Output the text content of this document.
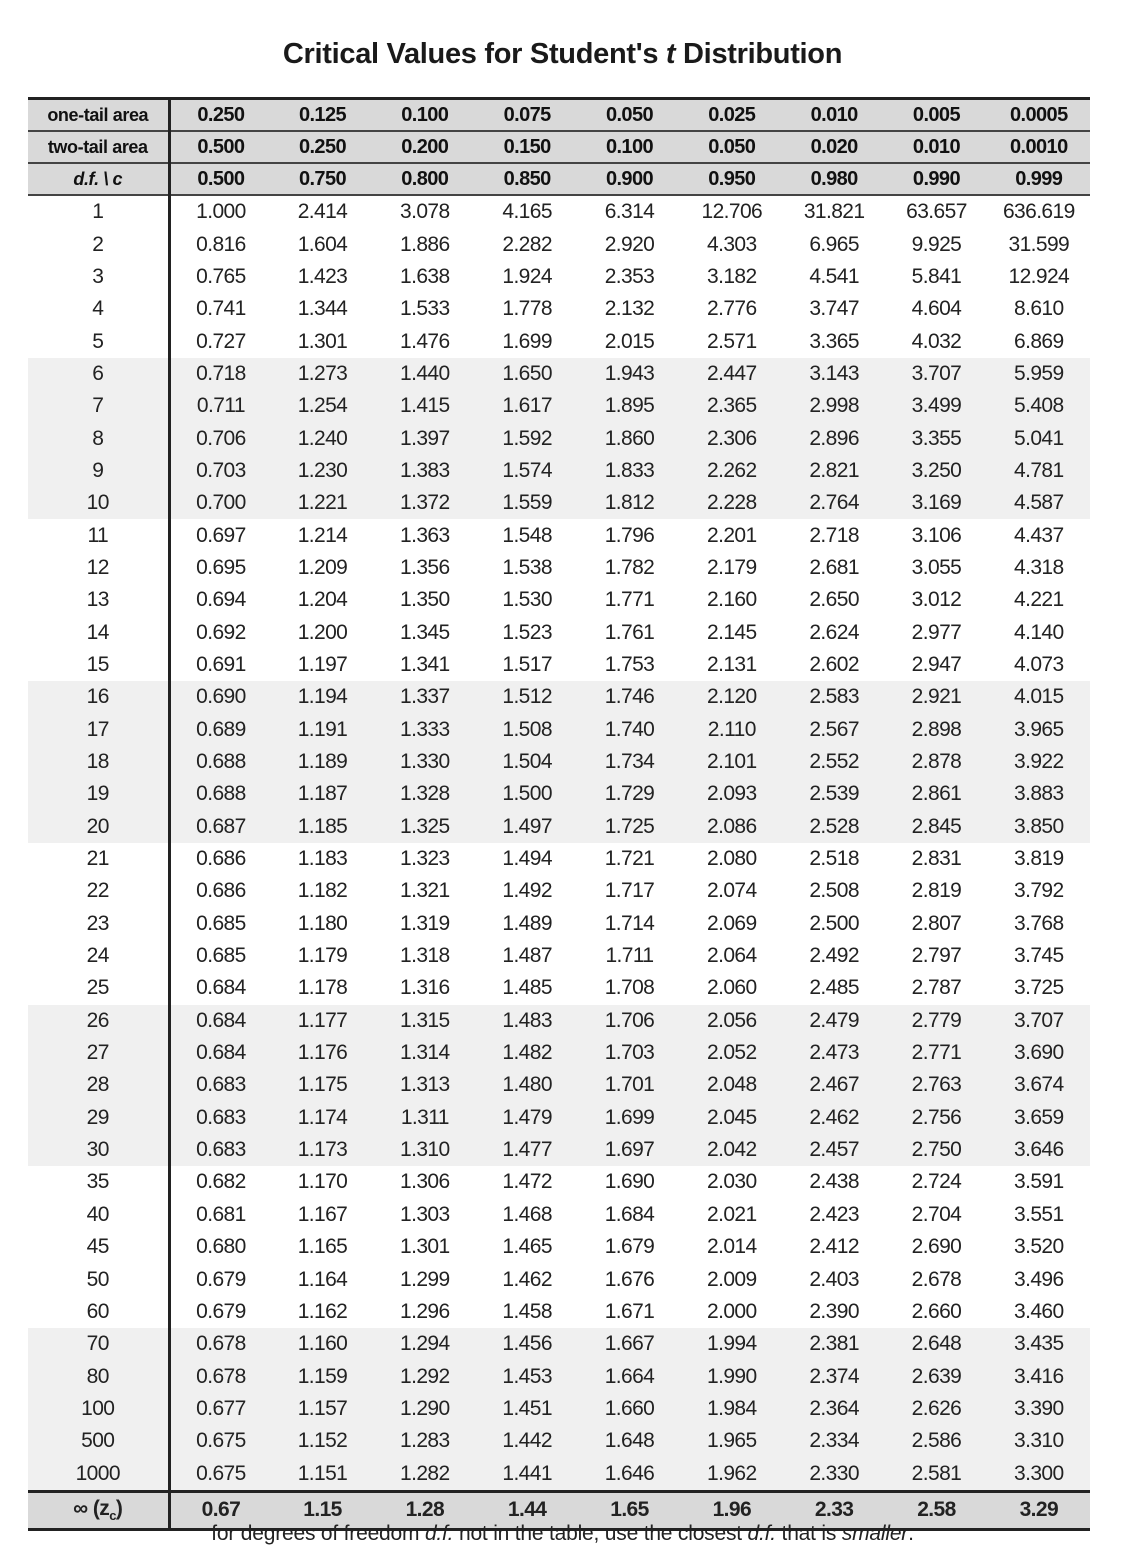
Critical Values for Student's t Distribution
one-tail area	0.250	0.125	0.100	0.075	0.050	0.025	0.010	0.005	0.0005
two-tail area	0.500	0.250	0.200	0.150	0.100	0.050	0.020	0.010	0.0010
d.f. \ c	0.500	0.750	0.800	0.850	0.900	0.950	0.980	0.990	0.999
1	1.000	2.414	3.078	4.165	6.314	12.706	31.821	63.657	636.619
2	0.816	1.604	1.886	2.282	2.920	4.303	6.965	9.925	31.599
3	0.765	1.423	1.638	1.924	2.353	3.182	4.541	5.841	12.924
4	0.741	1.344	1.533	1.778	2.132	2.776	3.747	4.604	8.610
5	0.727	1.301	1.476	1.699	2.015	2.571	3.365	4.032	6.869
6	0.718	1.273	1.440	1.650	1.943	2.447	3.143	3.707	5.959
7	0.711	1.254	1.415	1.617	1.895	2.365	2.998	3.499	5.408
8	0.706	1.240	1.397	1.592	1.860	2.306	2.896	3.355	5.041
9	0.703	1.230	1.383	1.574	1.833	2.262	2.821	3.250	4.781
10	0.700	1.221	1.372	1.559	1.812	2.228	2.764	3.169	4.587
11	0.697	1.214	1.363	1.548	1.796	2.201	2.718	3.106	4.437
12	0.695	1.209	1.356	1.538	1.782	2.179	2.681	3.055	4.318
13	0.694	1.204	1.350	1.530	1.771	2.160	2.650	3.012	4.221
14	0.692	1.200	1.345	1.523	1.761	2.145	2.624	2.977	4.140
15	0.691	1.197	1.341	1.517	1.753	2.131	2.602	2.947	4.073
16	0.690	1.194	1.337	1.512	1.746	2.120	2.583	2.921	4.015
17	0.689	1.191	1.333	1.508	1.740	2.110	2.567	2.898	3.965
18	0.688	1.189	1.330	1.504	1.734	2.101	2.552	2.878	3.922
19	0.688	1.187	1.328	1.500	1.729	2.093	2.539	2.861	3.883
20	0.687	1.185	1.325	1.497	1.725	2.086	2.528	2.845	3.850
21	0.686	1.183	1.323	1.494	1.721	2.080	2.518	2.831	3.819
22	0.686	1.182	1.321	1.492	1.717	2.074	2.508	2.819	3.792
23	0.685	1.180	1.319	1.489	1.714	2.069	2.500	2.807	3.768
24	0.685	1.179	1.318	1.487	1.711	2.064	2.492	2.797	3.745
25	0.684	1.178	1.316	1.485	1.708	2.060	2.485	2.787	3.725
26	0.684	1.177	1.315	1.483	1.706	2.056	2.479	2.779	3.707
27	0.684	1.176	1.314	1.482	1.703	2.052	2.473	2.771	3.690
28	0.683	1.175	1.313	1.480	1.701	2.048	2.467	2.763	3.674
29	0.683	1.174	1.311	1.479	1.699	2.045	2.462	2.756	3.659
30	0.683	1.173	1.310	1.477	1.697	2.042	2.457	2.750	3.646
35	0.682	1.170	1.306	1.472	1.690	2.030	2.438	2.724	3.591
40	0.681	1.167	1.303	1.468	1.684	2.021	2.423	2.704	3.551
45	0.680	1.165	1.301	1.465	1.679	2.014	2.412	2.690	3.520
50	0.679	1.164	1.299	1.462	1.676	2.009	2.403	2.678	3.496
60	0.679	1.162	1.296	1.458	1.671	2.000	2.390	2.660	3.460
70	0.678	1.160	1.294	1.456	1.667	1.994	2.381	2.648	3.435
80	0.678	1.159	1.292	1.453	1.664	1.990	2.374	2.639	3.416
100	0.677	1.157	1.290	1.451	1.660	1.984	2.364	2.626	3.390
500	0.675	1.152	1.283	1.442	1.648	1.965	2.334	2.586	3.310
1000	0.675	1.151	1.282	1.441	1.646	1.962	2.330	2.581	3.300
∞ $(z_c)$	0.67	1.15	1.28	1.44	1.65	1.96	2.33	2.58	3.29
for degrees of freedom d.f. not in the table, use the closest d.f. that is smaller.
